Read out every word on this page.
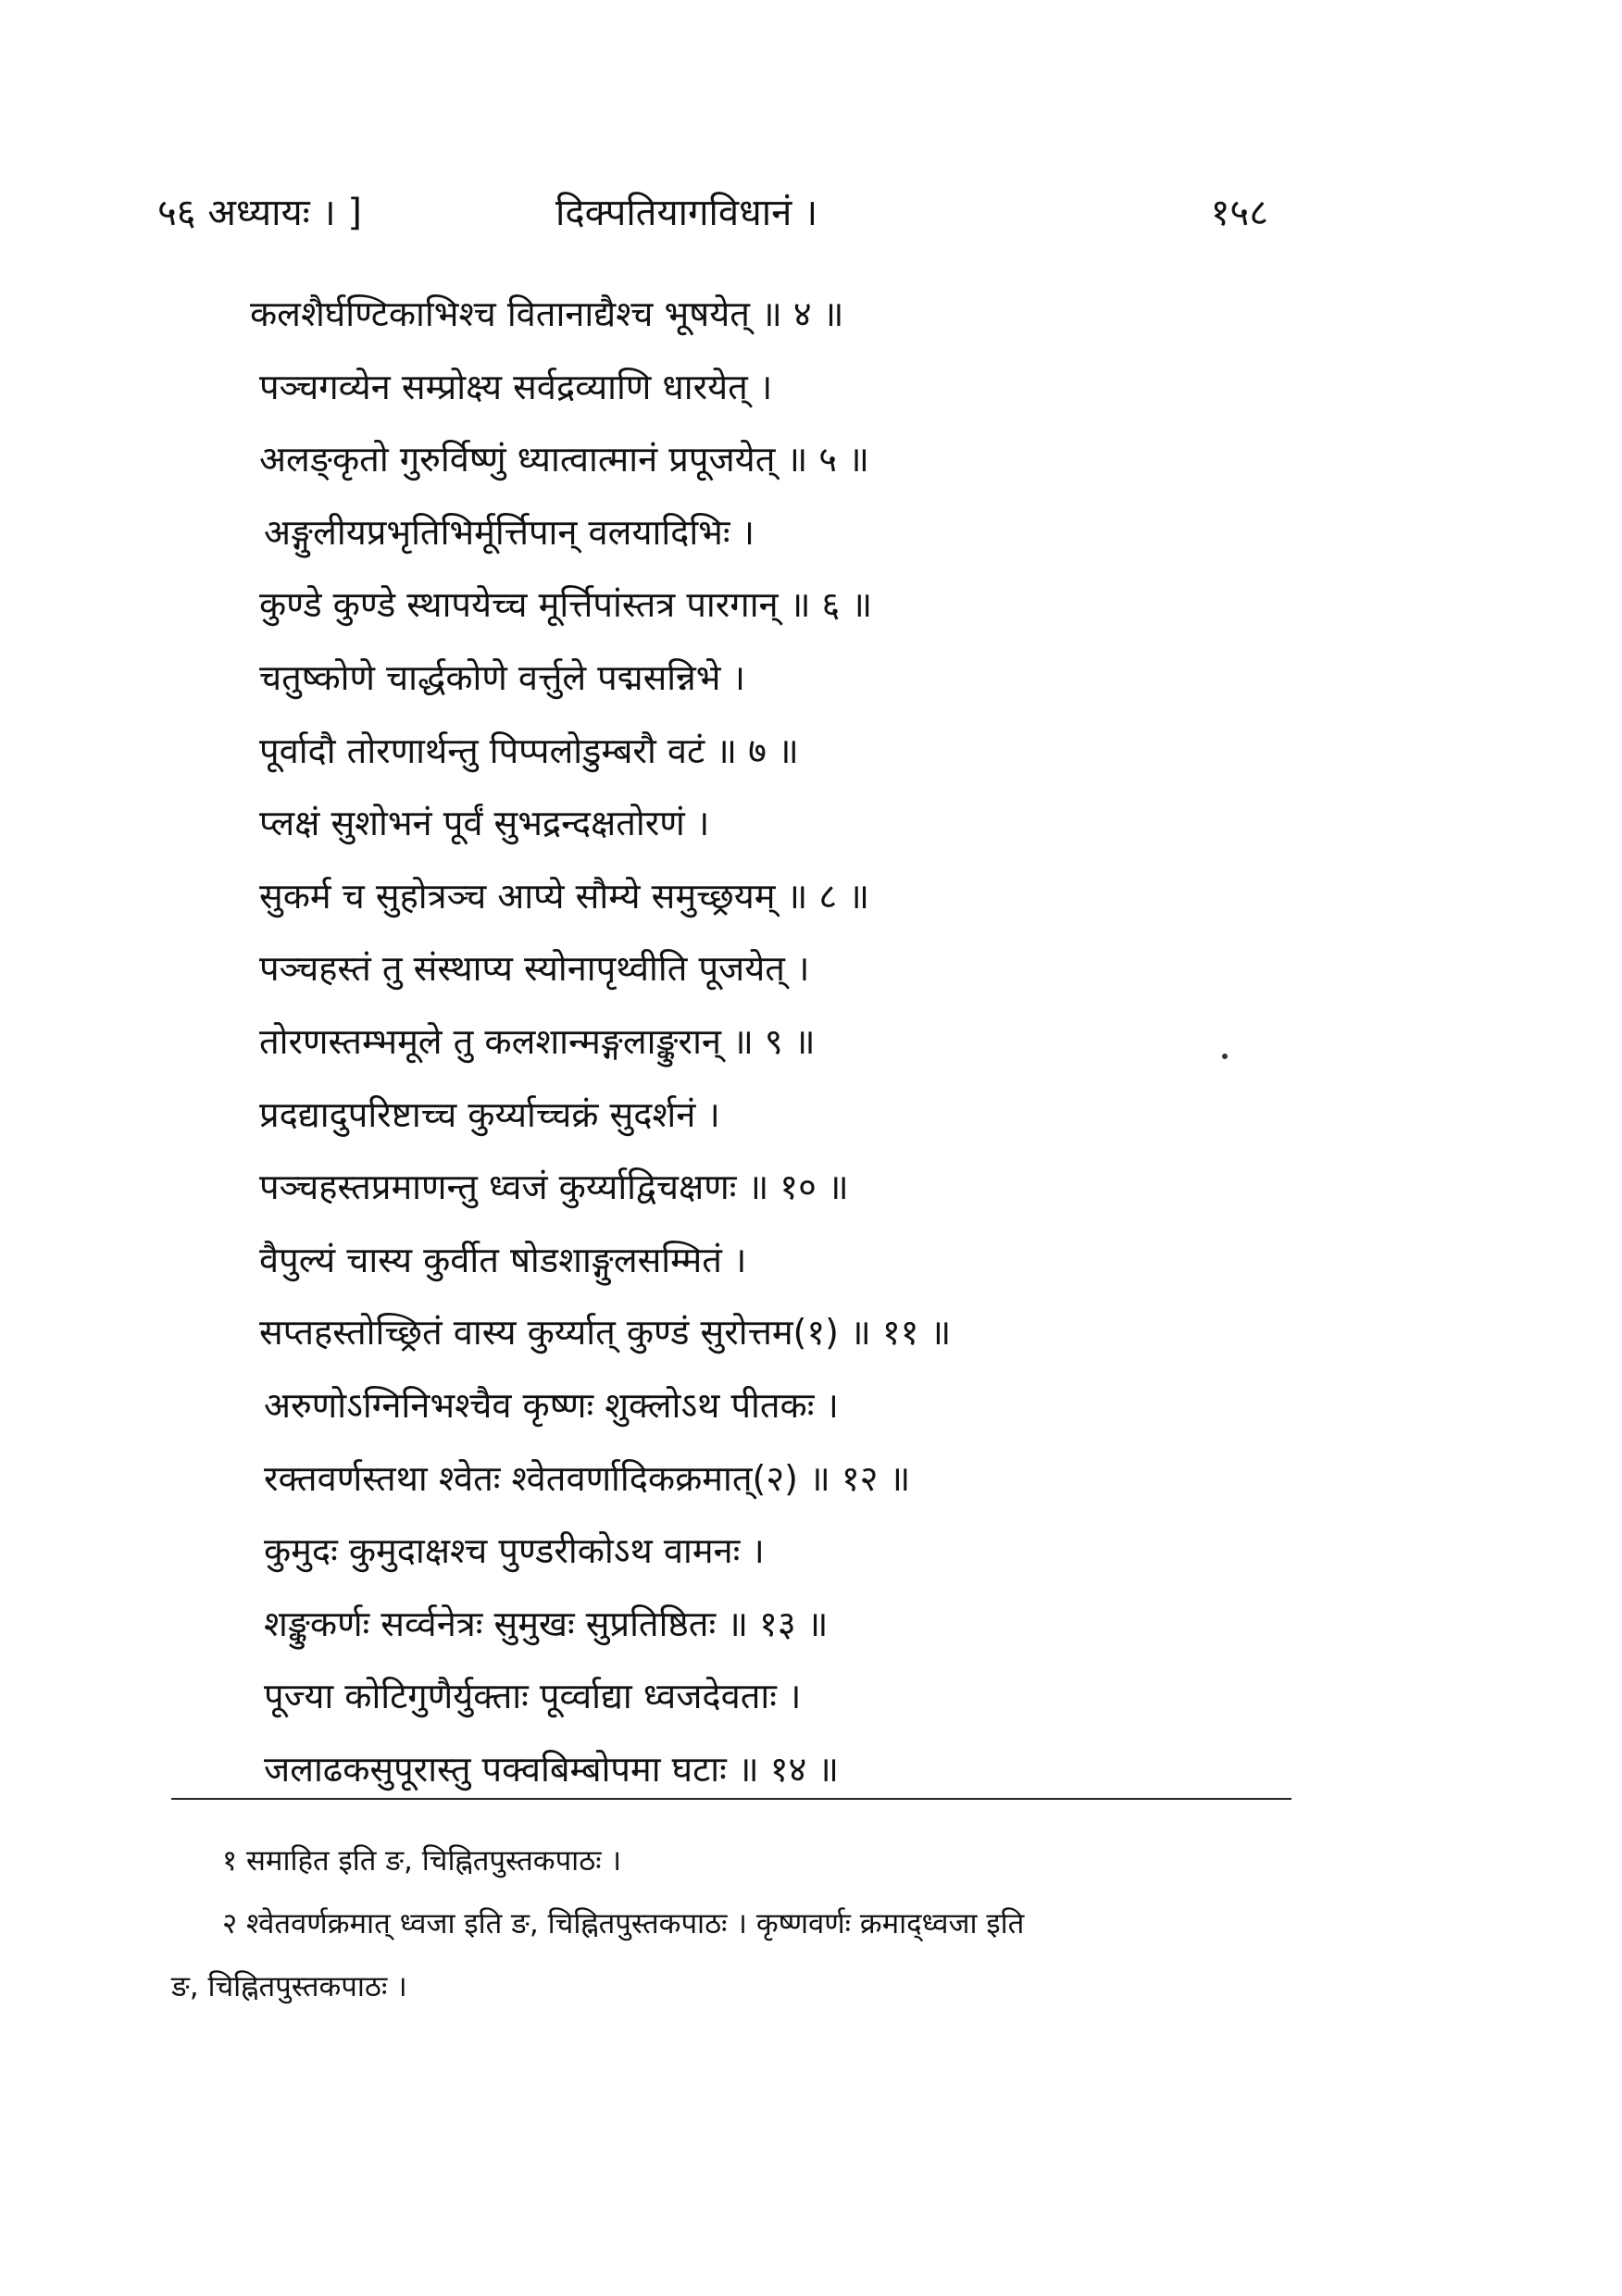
५६ अध्यायः । ]	दिक्पतियागविधानं ।	१५८
कलशैर्घण्टिकाभिश्च वितानाद्यैश्च भूषयेत् ॥ ४ ॥
पञ्चगव्येन सम्प्रोक्ष्य सर्वद्रव्याणि धारयेत् ।
अलङ्कृतो गुरुर्विष्णुं ध्यात्वात्मानं प्रपूजयेत् ॥ ५ ॥
अङ्गुलीयप्रभृतिभिर्मूर्त्तिपान् वलयादिभिः ।
कुण्डे कुण्डे स्थापयेच्च मूर्त्तिपांस्तत्र पारगान् ॥ ६ ॥
चतुष्कोणे चार्द्धकोणे वर्त्तुले पद्मसन्निभे ।
पूर्वादौ तोरणार्थन्तु पिप्पलोडुम्बरौ वटं ॥ ७ ॥
प्लक्षं सुशोभनं पूर्वं सुभद्रन्दक्षतोरणं ।
सुकर्म च सुहोत्रञ्च आप्ये सौम्ये समुच्छ्रयम् ॥ ८ ॥
पञ्चहस्तं तु संस्थाप्य स्योनापृथ्वीति पूजयेत् ।
तोरणस्तम्भमूले तु कलशान्मङ्गलाङ्कुरान् ॥ ९ ॥
प्रदद्यादुपरिष्टाच्च कुर्य्याच्चक्रं सुदर्शनं ।
पञ्चहस्तप्रमाणन्तु ध्वजं कुर्य्याद्विचक्षणः ॥ १० ॥
वैपुल्यं चास्य कुर्वीत षोडशाङ्गुलसम्मितं ।
सप्तहस्तोच्छ्रितं वास्य कुर्य्यात् कुण्डं सुरोत्तम(१) ॥ ११ ॥
अरुणोऽग्निनिभश्चैव कृष्णः शुक्लोऽथ पीतकः ।
रक्तवर्णस्तथा श्वेतः श्वेतवर्णादिकक्रमात्(२) ॥ १२ ॥
कुमुदः कुमुदाक्षश्च पुण्डरीकोऽथ वामनः ।
शङ्कुकर्णः सर्व्वनेत्रः सुमुखः सुप्रतिष्ठितः ॥ १३ ॥
पूज्या कोटिगुणैर्युक्ताः पूर्व्वाद्या ध्वजदेवताः ।
जलाढकसुपूरास्तु पक्वबिम्बोपमा घटाः ॥ १४ ॥
१ समाहित इति ङ, चिह्नितपुस्तकपाठः ।
२ श्वेतवर्णक्रमात् ध्वजा इति ङ, चिह्नितपुस्तकपाठः । कृष्णवर्णः क्रमाद्ध्वजा इति
ङ, चिह्नितपुस्तकपाठः ।
